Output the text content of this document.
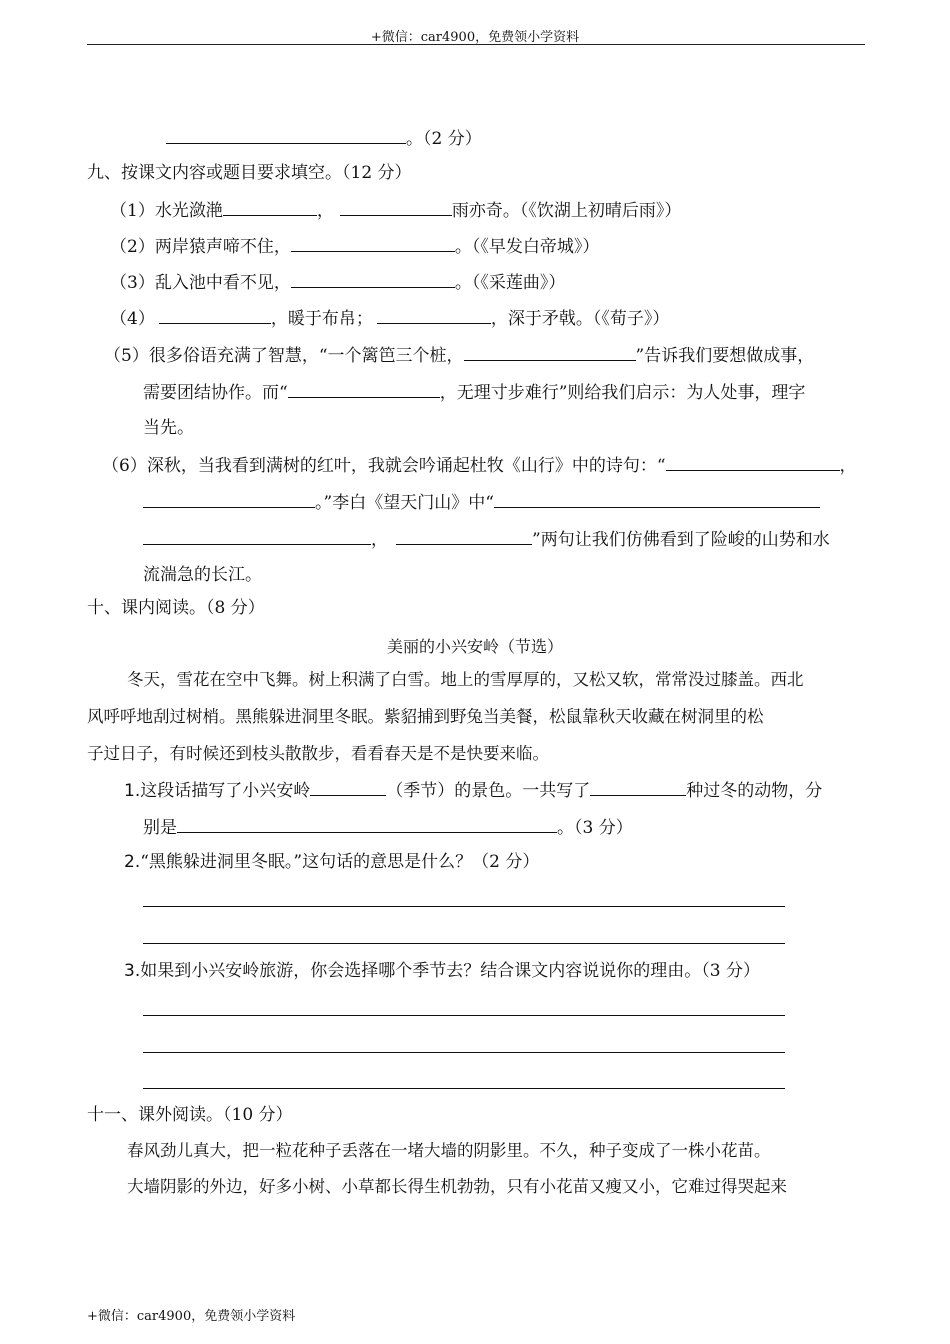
+微信：car4900，免费领小学资料
+微信：car4900，免费领小学资料
。（2 分）
九、按课文内容或题目要求填空。（12 分）
（1）水光潋滟	，	雨亦奇。（《饮湖上初晴后雨》）
（2）两岸猿声啼不住，	。（《早发白帝城》）
（3）乱入池中看不见，	。（《采莲曲》）
（4）	，暖于布帛；	，深于矛戟。（《荀子》）
（5）很多俗语充满了智慧，“一个篱笆三个桩，	”告诉我们要想做成事，
需要团结协作。而“	，无理寸步难行”则给我们启示：为人处事，理字
当先。
（6）深秋，当我看到满树的红叶，我就会吟诵起杜牧《山行》中的诗句：“	，
。”李白《望天门山》中“
，	”两句让我们仿佛看到了险峻的山势和水
流湍急的长江。
十、课内阅读。（8 分）
美丽的小兴安岭（节选）
冬天，雪花在空中飞舞。树上积满了白雪。地上的雪厚厚的，又松又软，常常没过膝盖。西北
风呼呼地刮过树梢。黑熊躲进洞里冬眠。紫貂捕到野兔当美餐，松鼠靠秋天收藏在树洞里的松
子过日子，有时候还到枝头散散步，看看春天是不是快要来临。
1.这段话描写了小兴安岭	（季节）的景色。一共写了	种过冬的动物，分
别是	。（3 分）
2.“黑熊躲进洞里冬眠。”这句话的意思是什么？（2 分）
3.如果到小兴安岭旅游，你会选择哪个季节去？结合课文内容说说你的理由。（3 分）
十一、课外阅读。（10 分）
春风劲儿真大，把一粒花种子丢落在一堵大墙的阴影里。不久，种子变成了一株小花苗。
大墙阴影的外边，好多小树、小草都长得生机勃勃，只有小花苗又瘦又小，它难过得哭起来
